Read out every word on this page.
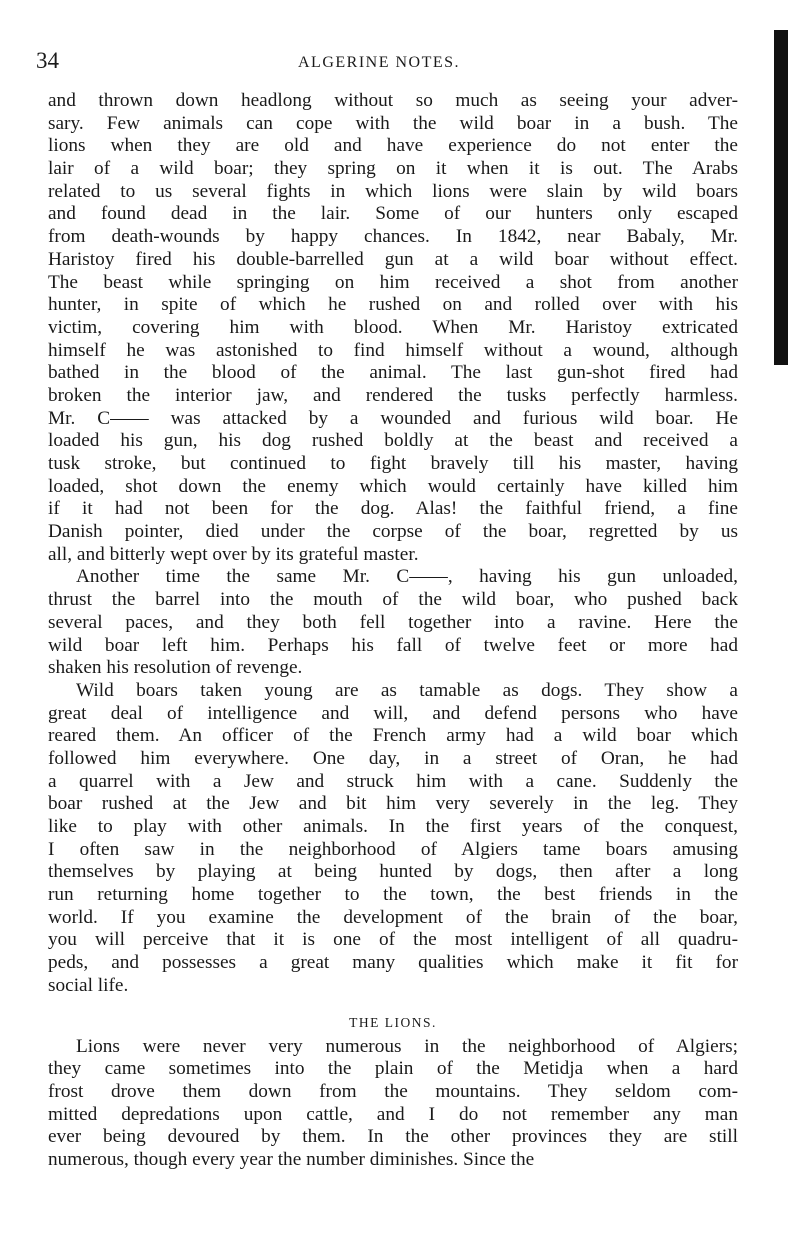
34	ALGERINE NOTES.
and thrown down headlong without so much as seeing your adver-
sary. Few animals can cope with the wild boar in a bush. The
lions when they are old and have experience do not enter the
lair of a wild boar; they spring on it when it is out. The Arabs
related to us several fights in which lions were slain by wild boars
and found dead in the lair. Some of our hunters only escaped
from death-wounds by happy chances. In 1842, near Babaly, Mr.
Haristoy fired his double-barrelled gun at a wild boar without effect.
The beast while springing on him received a shot from another
hunter, in spite of which he rushed on and rolled over with his
victim, covering him with blood. When Mr. Haristoy extricated
himself he was astonished to find himself without a wound, although
bathed in the blood of the animal. The last gun-shot fired had
broken the interior jaw, and rendered the tusks perfectly harmless.
Mr. C—— was attacked by a wounded and furious wild boar. He
loaded his gun, his dog rushed boldly at the beast and received a
tusk stroke, but continued to fight bravely till his master, having
loaded, shot down the enemy which would certainly have killed him
if it had not been for the dog. Alas! the faithful friend, a fine
Danish pointer, died under the corpse of the boar, regretted by us
all, and bitterly wept over by its grateful master.
Another time the same Mr. C——, having his gun unloaded,
thrust the barrel into the mouth of the wild boar, who pushed back
several paces, and they both fell together into a ravine. Here the
wild boar left him. Perhaps his fall of twelve feet or more had
shaken his resolution of revenge.
Wild boars taken young are as tamable as dogs. They show a
great deal of intelligence and will, and defend persons who have
reared them. An officer of the French army had a wild boar which
followed him everywhere. One day, in a street of Oran, he had
a quarrel with a Jew and struck him with a cane. Suddenly the
boar rushed at the Jew and bit him very severely in the leg. They
like to play with other animals. In the first years of the conquest,
I often saw in the neighborhood of Algiers tame boars amusing
themselves by playing at being hunted by dogs, then after a long
run returning home together to the town, the best friends in the
world. If you examine the development of the brain of the boar,
you will perceive that it is one of the most intelligent of all quadru-
peds, and possesses a great many qualities which make it fit for
social life.
THE LIONS.
Lions were never very numerous in the neighborhood of Algiers;
they came sometimes into the plain of the Metidja when a hard
frost drove them down from the mountains. They seldom com-
mitted depredations upon cattle, and I do not remember any man
ever being devoured by them. In the other provinces they are still
numerous, though every year the number diminishes. Since the
